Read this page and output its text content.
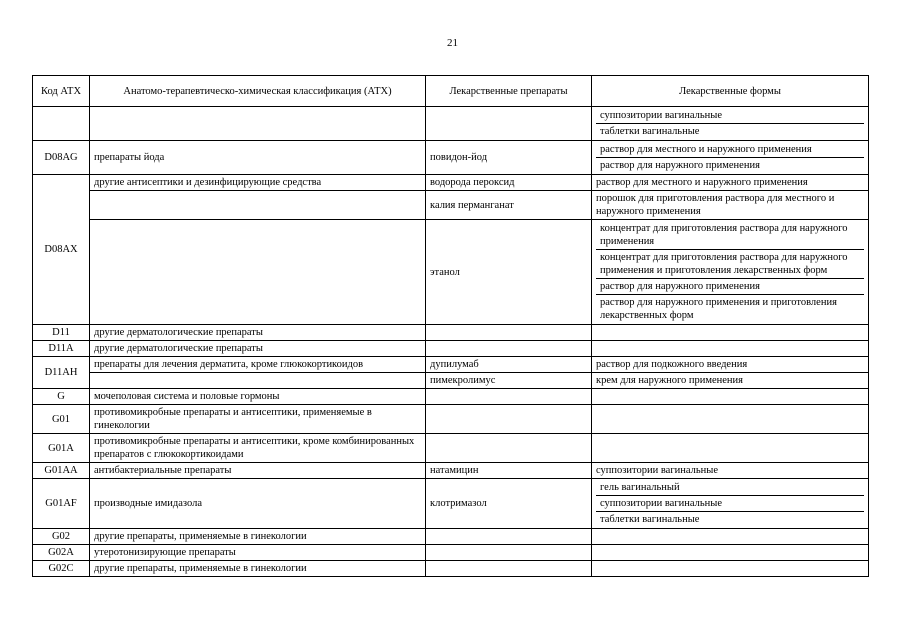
21
Код АТХ	Анатомо-терапевтическо-химическая классификация (АТХ)	Лекарственные препараты	Лекарственные формы

			суппозитории вагинальные
таблетки вагинальные

D08AG	препараты йода	повидон-йод	раствор для местного и наружного применения
раствор для наружного применения

D08AX	другие антисептики и дезинфицирующие средства	водорода пероксид	раствор для местного и наружного применения
		калия перманганат	порошок для приготовления раствора для местного и наружного применения
		этанол	концентрат для приготовления раствора для наружного применения
концентрат для приготовления раствора для наружного применения и приготовления лекарственных форм
раствор для наружного применения
раствор для наружного применения и приготовления лекарственных форм

D11	другие дерматологические препараты		
D11A	другие дерматологические препараты		
D11AH	препараты для лечения дерматита, кроме глюкокортикоидов	дупилумаб	раствор для подкожного введения
		пимекролимус	крем для наружного применения
G	мочеполовая система и половые гормоны		
G01	противомикробные препараты и антисептики, применяемые в гинекологии		
G01A	противомикробные препараты и антисептики, кроме комбинированных препаратов с глюкокортикоидами		
G01AA	антибактериальные препараты	натамицин	суппозитории вагинальные
G01AF	производные имидазола	клотримазол	гель вагинальный
суппозитории вагинальные
таблетки вагинальные

G02	другие препараты, применяемые в гинекологии		
G02A	утеротонизирующие препараты		
G02C	другие препараты, применяемые в гинекологии		
